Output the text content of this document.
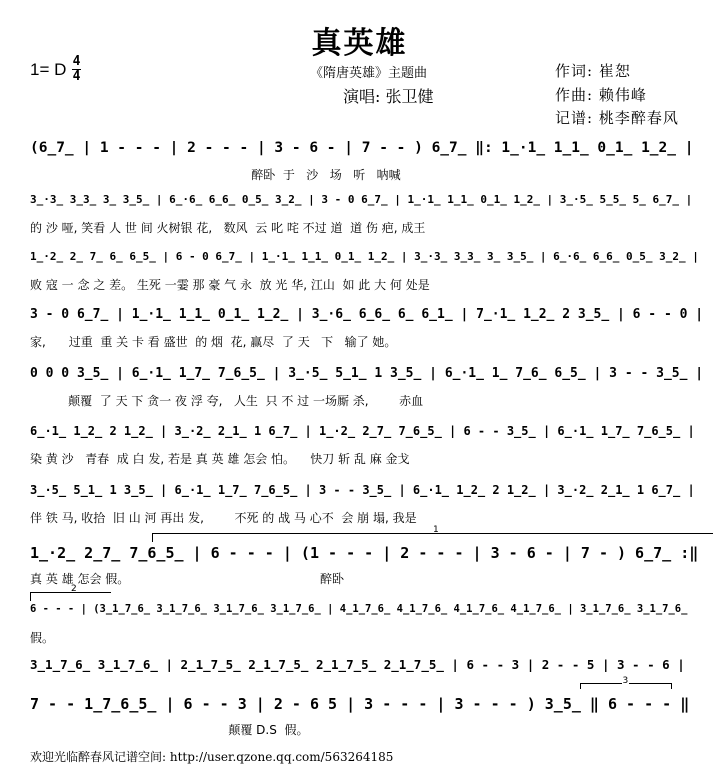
真英雄
1= D 4
4	《隋唐英雄》主题曲
演唱: 张卫健
作词: 崔恕
作曲: 赖伟峰
记谱: 桃李醉春风
(6̲7̲ | 1 - - - | 2 - - - | 3 - 6 - | 7 - - ) 6̲7̲ ‖: 1̲·1̲ 1̲1̲ 0̲1̲ 1̲2̲ |
醉卧  于   沙   场   听   呐喊
3̲·3̲ 3̲3̲ 3̲ 3̲5̲ | 6̲·6̲ 6̲6̲ 0̲5̲ 3̲2̲ | 3 - 0 6̲7̲ | 1̲·1̲ 1̲1̲ 0̲1̲ 1̲2̲ | 3̲·5̲ 5̲5̲ 5̲ 6̲7̲ |
的 沙 哑, 笑看 人 世 间 火树银 花,   数风  云 叱 咤 不过 道  道 伤 疤, 成王
1̲·2̲ 2̲ 7̲ 6̲ 6̲5̲ | 6 - 0 6̲7̲ | 1̲·1̲ 1̲1̲ 0̲1̲ 1̲2̲ | 3̲·3̲ 3̲3̲ 3̲ 3̲5̲ | 6̲·6̲ 6̲6̲ 0̲5̲ 3̲2̲ |
败 寇 一 念 之 差。 生死 一霎 那 豪 气 永  放 光 华, 江山  如 此 大 何 处是
3 - 0 6̲7̲ | 1̲·1̲ 1̲1̲ 0̲1̲ 1̲2̲ | 3̲·6̲ 6̲6̲ 6̲ 6̲1̲ | 7̲·1̲ 1̲2̲ 2 3̲5̲ | 6 - - 0 |
家,      过重  重 关 卡 看 盛世  的 烟  花, 赢尽  了 天   下   输了 她。
0 0 0 3̲5̲ | 6̲·1̲ 1̲7̲ 7̲6̲5̲ | 3̲·5̲ 5̲1̲ 1 3̲5̲ | 6̲·1̲ 1̲ 7̲6̲ 6̲5̲ | 3 - - 3̲5̲ |
颠覆  了 天 下 贪一 夜 浮 夸,   人生  只 不 过 一场厮 杀,        赤血
6̲·1̲ 1̲2̲ 2 1̲2̲ | 3̲·2̲ 2̲1̲ 1 6̲7̲ | 1̲·2̲ 2̲7̲ 7̲6̲5̲ | 6 - - 3̲5̲ | 6̲·1̲ 1̲7̲ 7̲6̲5̲ |
染 黄 沙   青春  成 白 发, 若是 真 英 雄 怎会 怕。    快刀 斩 乱 麻 金戈
3̲·5̲ 5̲1̲ 1 3̲5̲ | 6̲·1̲ 1̲7̲ 7̲6̲5̲ | 3 - - 3̲5̲ | 6̲·1̲ 1̲2̲ 2 1̲2̲ | 3̲·2̲ 2̲1̲ 1 6̲7̲ |
伴 铁 马, 收拾  旧 山 河 再出 发,        不死 的 战 马 心不  会 崩 塌, 我是
1
1̲·2̲ 2̲7̲ 7̲6̲5̲ | 6 - - - | (1 - - - | 2 - - - | 3 - 6 - | 7 - ) 6̲7̲ :‖
真 英 雄 怎会 假。                                                  醉卧
2
6 - - - | (3̲1̲7̲6̲ 3̲1̲7̲6̲ 3̲1̲7̲6̲ 3̲1̲7̲6̲ | 4̲1̲7̲6̲ 4̲1̲7̲6̲ 4̲1̲7̲6̲ 4̲1̲7̲6̲ | 3̲1̲7̲6̲ 3̲1̲7̲6̲
假。
3̲1̲7̲6̲ 3̲1̲7̲6̲ | 2̲1̲7̲5̲ 2̲1̲7̲5̲ 2̲1̲7̲5̲ 2̲1̲7̲5̲ | 6 - - 3 | 2 - - 5 | 3 - - 6 |
3
7 - - 1̲7̲6̲5̲ | 6 - - 3 | 2 - 6 5 | 3 - - - | 3 - - - ) 3̲5̲ ‖ 6 - - - ‖
颠覆 D.S  假。
欢迎光临醉春风记谱空间: http://user.qzone.qq.com/563264185
